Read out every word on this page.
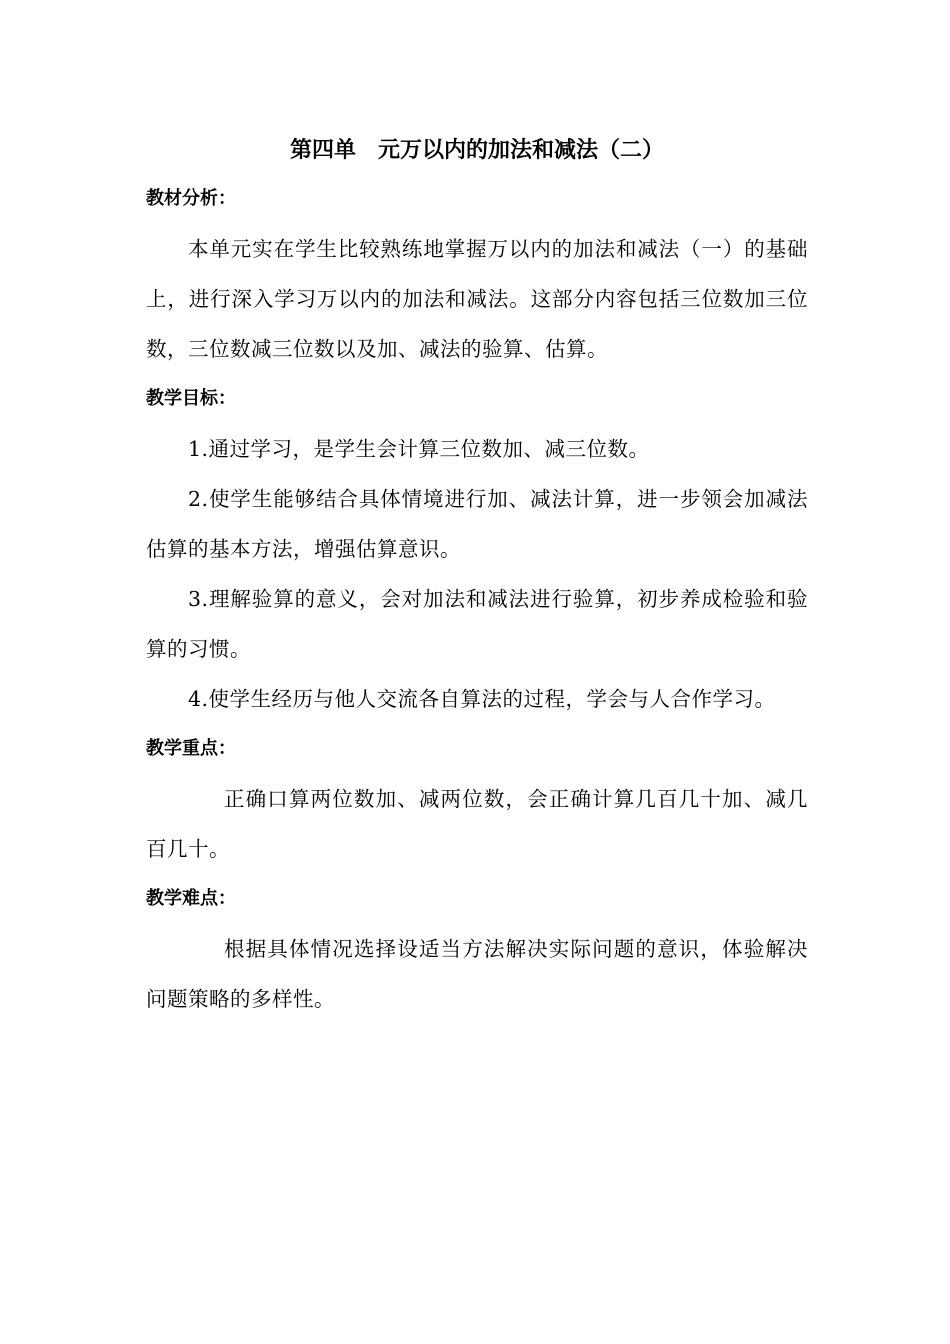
第四单　元万以内的加法和减法（二）
教材分析：

本单元实在学生比较熟练地掌握万以内的加法和减法（一）的基础上，进行深入学习万以内的加法和减法。这部分内容包括三位数加三位数，三位数减三位数以及加、减法的验算、估算。

教学目标：

1.通过学习，是学生会计算三位数加、减三位数。

2.使学生能够结合具体情境进行加、减法计算，进一步领会加减法估算的基本方法，增强估算意识。

3.理解验算的意义，会对加法和减法进行验算，初步养成检验和验算的习惯。

4.使学生经历与他人交流各自算法的过程，学会与人合作学习。

教学重点：

正确口算两位数加、减两位数，会正确计算几百几十加、减几百几十。

教学难点：

根据具体情况选择设适当方法解决实际问题的意识，体验解决问题策略的多样性。
